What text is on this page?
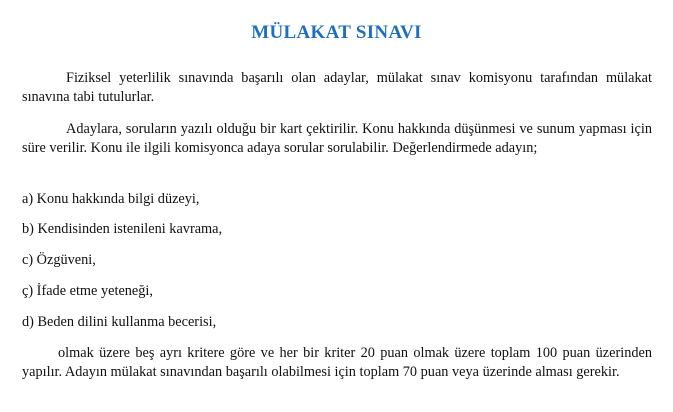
MÜLAKAT SINAVI

Fiziksel yeterlilik sınavında başarılı olan adaylar, mülakat sınav komisyonu tarafından mülakat sınavına tabi tutulurlar.

Adaylara, soruların yazılı olduğu bir kart çektirilir. Konu hakkında düşünmesi ve sunum yapması için süre verilir. Konu ile ilgili komisyonca adaya sorular sorulabilir. Değerlendirmede adayın;

a) Konu hakkında bilgi düzeyi,

b) Kendisinden istenileni kavrama,

c) Özgüveni,

ç) İfade etme yeteneği,

d) Beden dilini kullanma becerisi,

olmak üzere beş ayrı kritere göre ve her bir kriter 20 puan olmak üzere toplam 100 puan üzerinden yapılır. Adayın mülakat sınavından başarılı olabilmesi için toplam 70 puan veya üzerinde alması gerekir.
